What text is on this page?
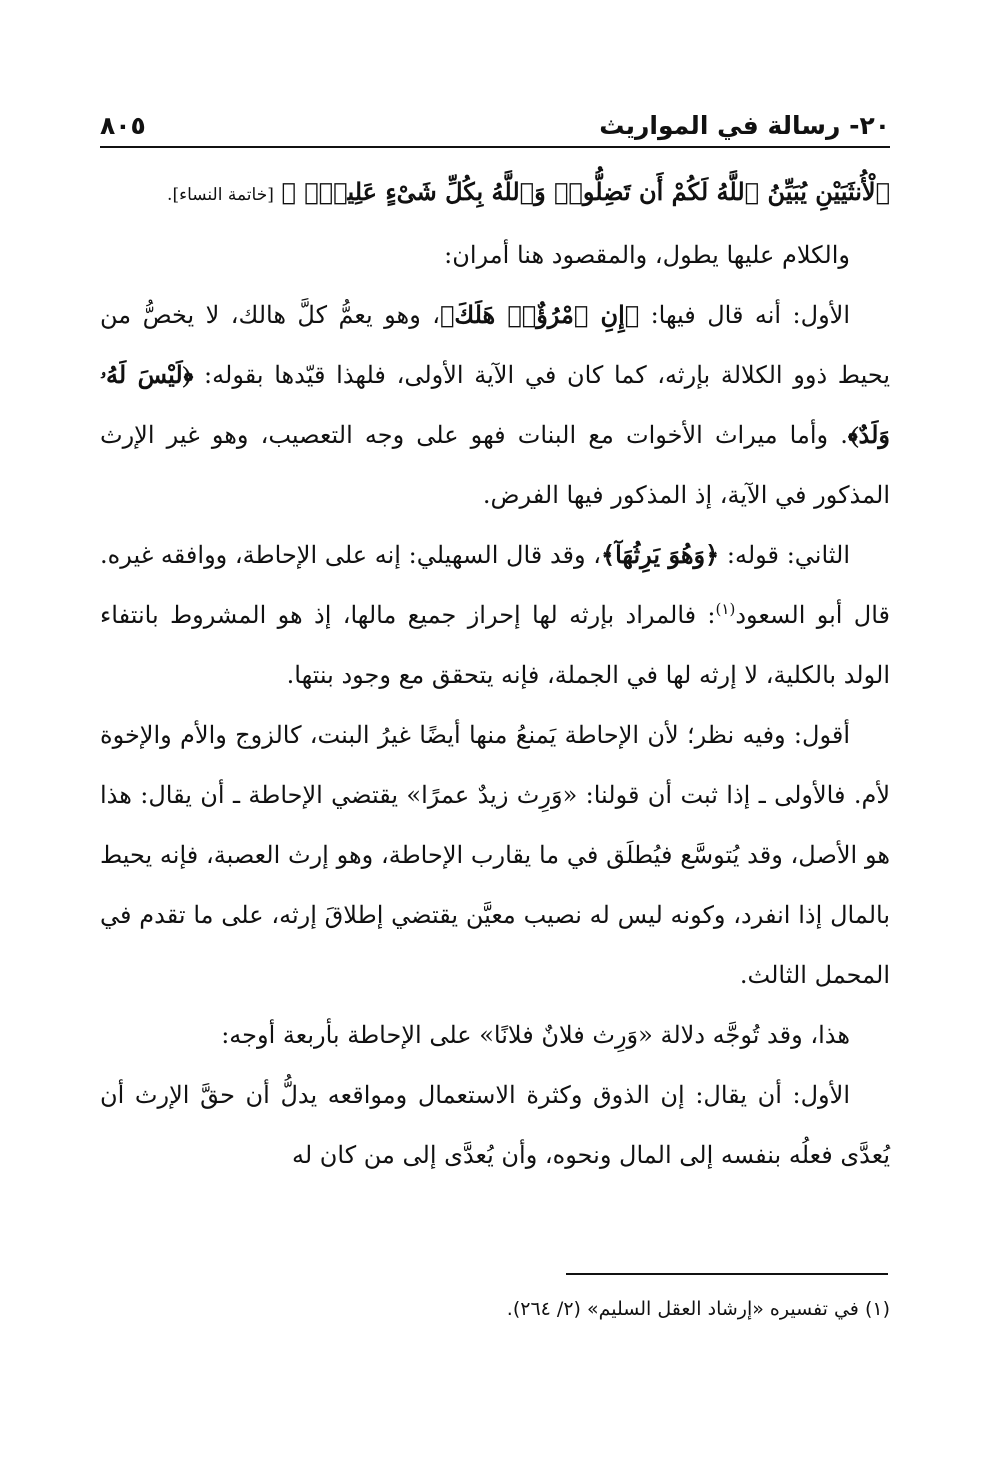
٢٠- رسالة في المواريث
٨٠٥

ٱلْأُنثَيَيْنِ يُبَيِّنُ ٱللَّهُ لَكُمْ أَن تَضِلُّوا۟ وَٱللَّهُ بِكُلِّ شَىْءٍ عَلِيمٌۢ ﴾ [خاتمة النساء].

والكلام عليها يطول، والمقصود هنا أمران:

الأول: أنه قال فيها: ﴿إِنِ ٱمْرُؤٌا۟ هَلَكَ﴾، وهو يعمُّ كلَّ هالك، لا يخصُّ من يحيط ذوو الكلالة بإرثه، كما كان في الآية الأولى، فلهذا قيّدها بقوله: ﴿لَيْسَ لَهُۥ وَلَدٌ﴾. وأما ميراث الأخوات مع البنات فهو على وجه التعصيب، وهو غير الإرث المذكور في الآية، إذ المذكور فيها الفرض.

الثاني: قوله: ﴿وَهُوَ يَرِثُهَآ﴾، وقد قال السهيلي: إنه على الإحاطة، ووافقه غيره. قال أبو السعود$^{(١)}$: فالمراد بإرثه لها إحراز جميع مالها، إذ هو المشروط بانتفاء الولد بالكلية، لا إرثه لها في الجملة، فإنه يتحقق مع وجود بنتها.

أقول: وفيه نظر؛ لأن الإحاطة يَمنعُ منها أيضًا غيرُ البنت، كالزوج والأم والإخوة لأم. فالأولى ـ إذا ثبت أن قولنا: «وَرِث زيدٌ عمرًا» يقتضي الإحاطة ـ أن يقال: هذا هو الأصل، وقد يُتوسَّع فيُطلَق في ما يقارب الإحاطة، وهو إرث العصبة، فإنه يحيط بالمال إذا انفرد، وكونه ليس له نصيب معيَّن يقتضي إطلاقَ إرثه، على ما تقدم في المحمل الثالث.

هذا، وقد تُوجَّه دلالة «وَرِث فلانٌ فلانًا» على الإحاطة بأربعة أوجه:

الأول: أن يقال: إن الذوق وكثرة الاستعمال ومواقعه يدلُّ أن حقَّ الإرث أن يُعدَّى فعلُه بنفسه إلى المال ونحوه، وأن يُعدَّى إلى من كان له

(١) في تفسيره «إرشاد العقل السليم» (٢/ ٢٦٤).
